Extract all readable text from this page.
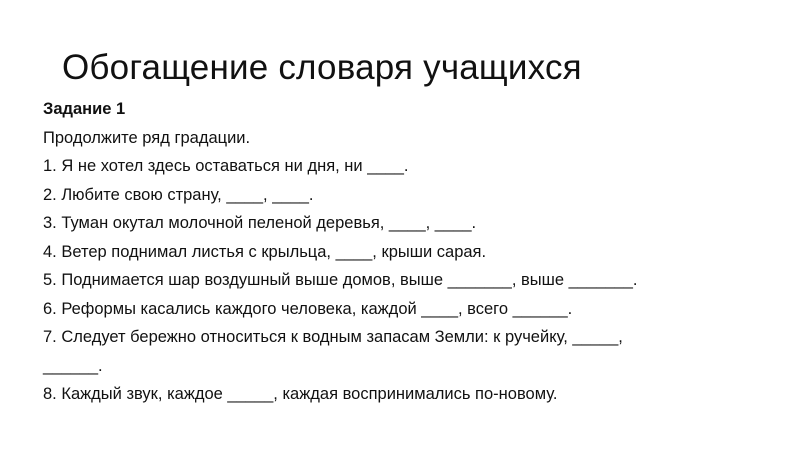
Обогащение словаря учащихся
Задание 1
Продолжите ряд градации.
1. Я не хотел здесь оставаться ни дня, ни ____.
2. Любите свою страну, ____, ____.
3. Туман окутал молочной пеленой деревья, ____, ____.
4. Ветер поднимал листья с крыльца, ____, крыши сарая.
5. Поднимается шар воздушный выше домов, выше _______, выше _______.
6. Реформы касались каждого человека, каждой ____, всего ______.
7. Следует бережно относиться к водным запасам Земли: к ручейку, _____,
______.
8. Каждый звук, каждое _____, каждая воспринимались по-новому.
